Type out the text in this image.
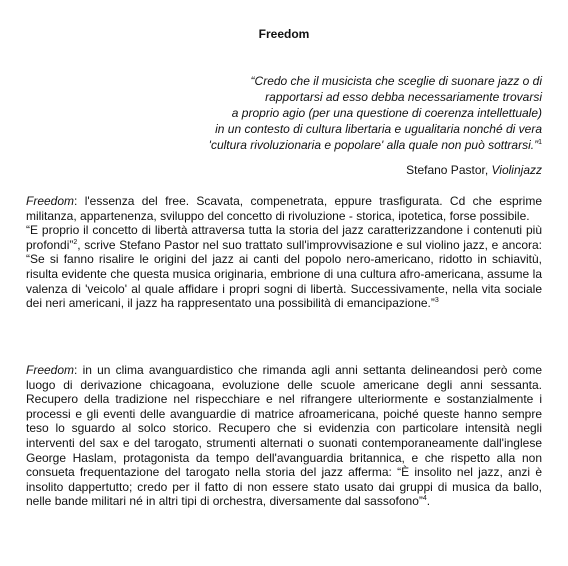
Freedom
“Credo che il musicista che sceglie di suonare jazz o di
rapportarsi ad esso debba necessariamente trovarsi
a proprio agio (per una questione di coerenza intellettuale)
in un contesto di cultura libertaria e ugualitaria nonché di vera
'cultura rivoluzionaria e popolare' alla quale non può sottrarsi.”$^1$
Stefano Pastor, Violinjazz

Freedom: l'essenza del free. Scavata, compenetrata, eppure trasfigurata. Cd che esprime militanza, appartenenza, sviluppo del concetto di rivoluzione - storica, ipotetica, forse possibile.

“E proprio il concetto di libertà attraversa tutta la storia del jazz caratterizzandone i contenuti più profondi”$^2$, scrive Stefano Pastor nel suo trattato sull'improvvisazione e sul violino jazz, e ancora: “Se si fanno risalire le origini del jazz ai canti del popolo nero-americano, ridotto in schiavitù, risulta evidente che questa musica originaria, embrione di una cultura afro-americana, assume la valenza di 'veicolo' al quale affidare i propri sogni di libertà. Successivamente, nella vita sociale dei neri americani, il jazz ha rappresentato una possibilità di emancipazione.”$^3$

Freedom: in un clima avanguardistico che rimanda agli anni settanta delineandosi però come luogo di derivazione chicagoana, evoluzione delle scuole americane degli anni sessanta. Recupero della tradizione nel rispecchiare e nel rifrangere ulteriormente e sostanzialmente i processi e gli eventi delle avanguardie di matrice afroamericana, poiché queste hanno sempre teso lo sguardo al solco storico. Recupero che si evidenzia con particolare intensità negli interventi del sax e del tarogato, strumenti alternati o suonati contemporaneamente dall'inglese George Haslam, protagonista da tempo dell'avanguardia britannica, e che rispetto alla non consueta frequentazione del tarogato nella storia del jazz afferma: “È insolito nel jazz, anzi è insolito dappertutto; credo per il fatto di non essere stato usato dai gruppi di musica da ballo, nelle bande militari né in altri tipi di orchestra, diversamente dal sassofono”$^4$.
